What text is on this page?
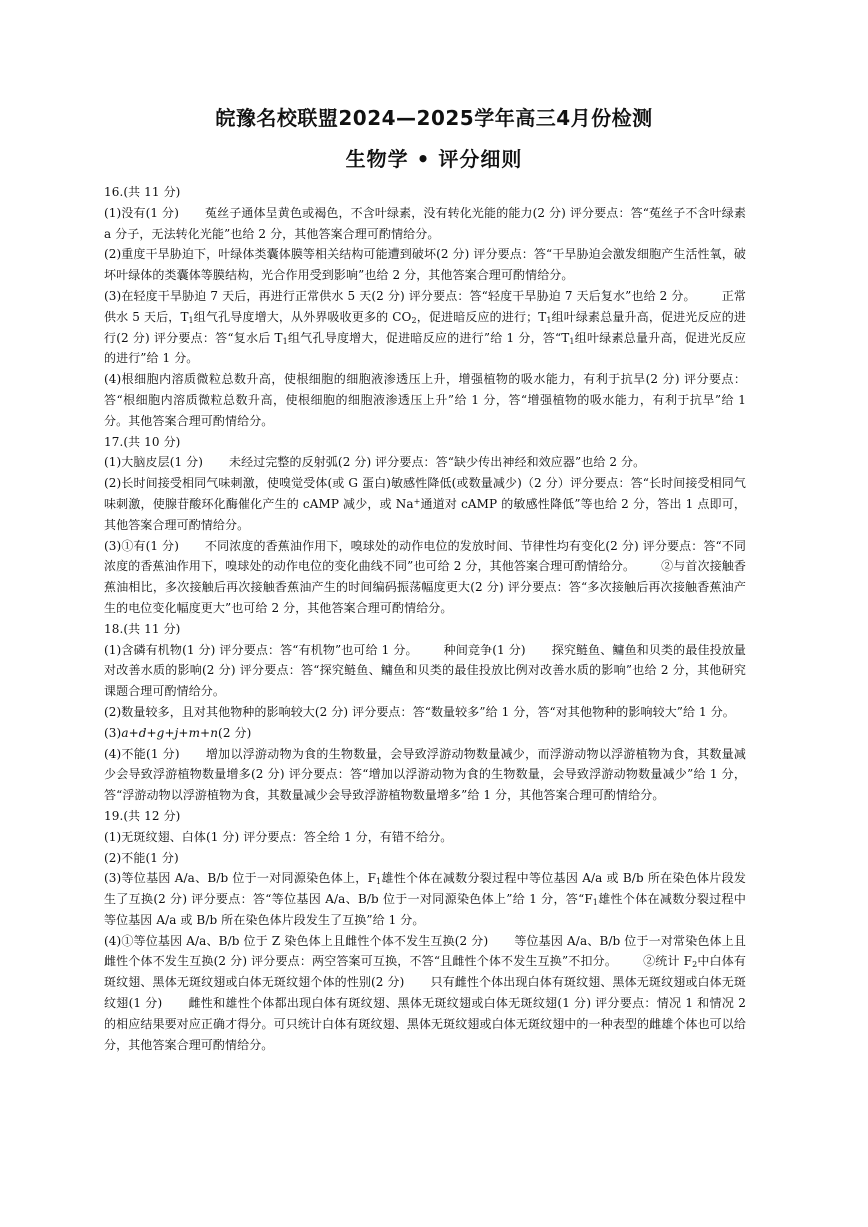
皖豫名校联盟2024—2025学年高三4月份检测
生物学 • 评分细则

16.(共 11 分)

(1)没有(1 分) 菟丝子通体呈黄色或褐色，不含叶绿素，没有转化光能的能力(2 分) 评分要点：答“菟丝子不含叶绿素 a 分子，无法转化光能”也给 2 分，其他答案合理可酌情给分。

(2)重度干旱胁迫下，叶绿体类囊体膜等相关结构可能遭到破坏(2 分) 评分要点：答“干旱胁迫会激发细胞产生活性氧，破坏叶绿体的类囊体等膜结构，光合作用受到影响”也给 2 分，其他答案合理可酌情给分。

(3)在轻度干旱胁迫 7 天后，再进行正常供水 5 天(2 分) 评分要点：答“轻度干旱胁迫 7 天后复水”也给 2 分。 正常供水 5 天后，$T_1$组气孔导度增大，从外界吸收更多的 $CO_2$，促进暗反应的进行；$T_1$组叶绿素总量升高，促进光反应的进行(2 分) 评分要点：答“复水后 $T_1$组气孔导度增大，促进暗反应的进行”给 1 分，答“$T_1$组叶绿素总量升高，促进光反应的进行”给 1 分。

(4)根细胞内溶质微粒总数升高，使根细胞的细胞液渗透压上升，增强植物的吸水能力，有利于抗旱(2 分) 评分要点：答“根细胞内溶质微粒总数升高，使根细胞的细胞液渗透压上升”给 1 分，答“增强植物的吸水能力，有利于抗旱”给 1 分。其他答案合理可酌情给分。

17.(共 10 分)

(1)大脑皮层(1 分) 未经过完整的反射弧(2 分) 评分要点：答“缺少传出神经和效应器”也给 2 分。

(2)长时间接受相同气味刺激，使嗅觉受体(或 G 蛋白)敏感性降低(或数量减少)（2 分）评分要点：答“长时间接受相同气味刺激，使腺苷酸环化酶催化产生的 cAMP 减少，或 Na+通道对 cAMP 的敏感性降低”等也给 2 分，答出 1 点即可，其他答案合理可酌情给分。

(3)①有(1 分) 不同浓度的香蕉油作用下，嗅球处的动作电位的发放时间、节律性均有变化(2 分) 评分要点：答“不同浓度的香蕉油作用下，嗅球处的动作电位的变化曲线不同”也可给 2 分，其他答案合理可酌情给分。 ②与首次接触香蕉油相比，多次接触后再次接触香蕉油产生的时间编码振荡幅度更大(2 分) 评分要点：答“多次接触后再次接触香蕉油产生的电位变化幅度更大”也可给 2 分，其他答案合理可酌情给分。

18.(共 11 分)

(1)含磷有机物(1 分) 评分要点：答“有机物”也可给 1 分。 种间竞争(1 分) 探究鲢鱼、鳙鱼和贝类的最佳投放量对改善水质的影响(2 分) 评分要点：答“探究鲢鱼、鳙鱼和贝类的最佳投放比例对改善水质的影响”也给 2 分，其他研究课题合理可酌情给分。

(2)数量较多，且对其他物种的影响较大(2 分) 评分要点：答“数量较多”给 1 分，答“对其他物种的影响较大”给 1 分。

(3)a+d+g+j+m+n(2 分)

(4)不能(1 分) 增加以浮游动物为食的生物数量，会导致浮游动物数量减少，而浮游动物以浮游植物为食，其数量减少会导致浮游植物数量增多(2 分) 评分要点：答“增加以浮游动物为食的生物数量，会导致浮游动物数量减少”给 1 分，答“浮游动物以浮游植物为食，其数量减少会导致浮游植物数量增多”给 1 分，其他答案合理可酌情给分。

19.(共 12 分)

(1)无斑纹翅、白体(1 分) 评分要点：答全给 1 分，有错不给分。

(2)不能(1 分)

(3)等位基因 A/a、B/b 位于一对同源染色体上，$F_1$雄性个体在减数分裂过程中等位基因 A/a 或 B/b 所在染色体片段发生了互换(2 分) 评分要点：答“等位基因 A/a、B/b 位于一对同源染色体上”给 1 分，答“$F_1$雄性个体在减数分裂过程中等位基因 A/a 或 B/b 所在染色体片段发生了互换”给 1 分。

(4)①等位基因 A/a、B/b 位于 Z 染色体上且雌性个体不发生互换(2 分) 等位基因 A/a、B/b 位于一对常染色体上且雌性个体不发生互换(2 分) 评分要点：两空答案可互换，不答“且雌性个体不发生互换”不扣分。 ②统计 $F_2$中白体有斑纹翅、黑体无斑纹翅或白体无斑纹翅个体的性别(2 分) 只有雌性个体出现白体有斑纹翅、黑体无斑纹翅或白体无斑纹翅(1 分) 雌性和雄性个体都出现白体有斑纹翅、黑体无斑纹翅或白体无斑纹翅(1 分) 评分要点：情况 1 和情况 2 的相应结果要对应正确才得分。可只统计白体有斑纹翅、黑体无斑纹翅或白体无斑纹翅中的一种表型的雌雄个体也可以给分，其他答案合理可酌情给分。
